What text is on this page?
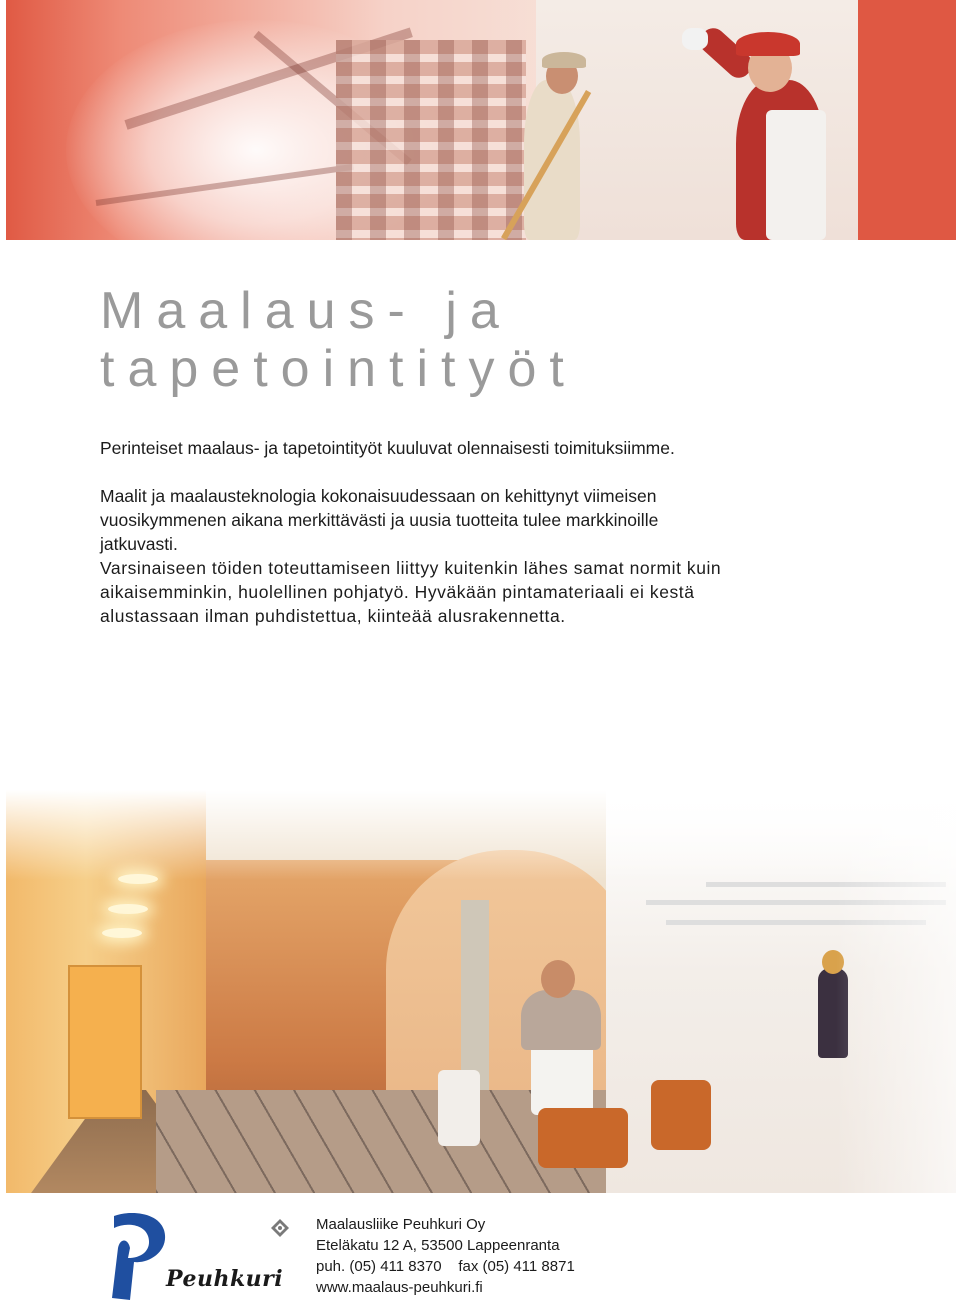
Maalaus- ja
tapetointityöt

Perinteiset maalaus- ja tapetointityöt kuuluvat olennaisesti toimituksiimme.

Maalit ja maalausteknologia kokonaisuudessaan on kehittynyt viimeisen

vuosikymmenen aikana merkittävästi ja uusia tuotteita tulee markkinoille

jatkuvasti.

Varsinaiseen töiden toteuttamiseen liittyy kuitenkin lähes samat normit kuin

aikaisemminkin, huolellinen pohjatyö. Hyväkään pintamateriaali ei kestä

alustassaan ilman puhdistettua, kiinteää alusrakennetta.

Peuhkuri
Maalausliike Peuhkuri Oy
Eteläkatu 12 A, 53500 Lappeenranta
puh. (05) 411 8370    fax (05) 411 8871
www.maalaus-peuhkuri.fi
